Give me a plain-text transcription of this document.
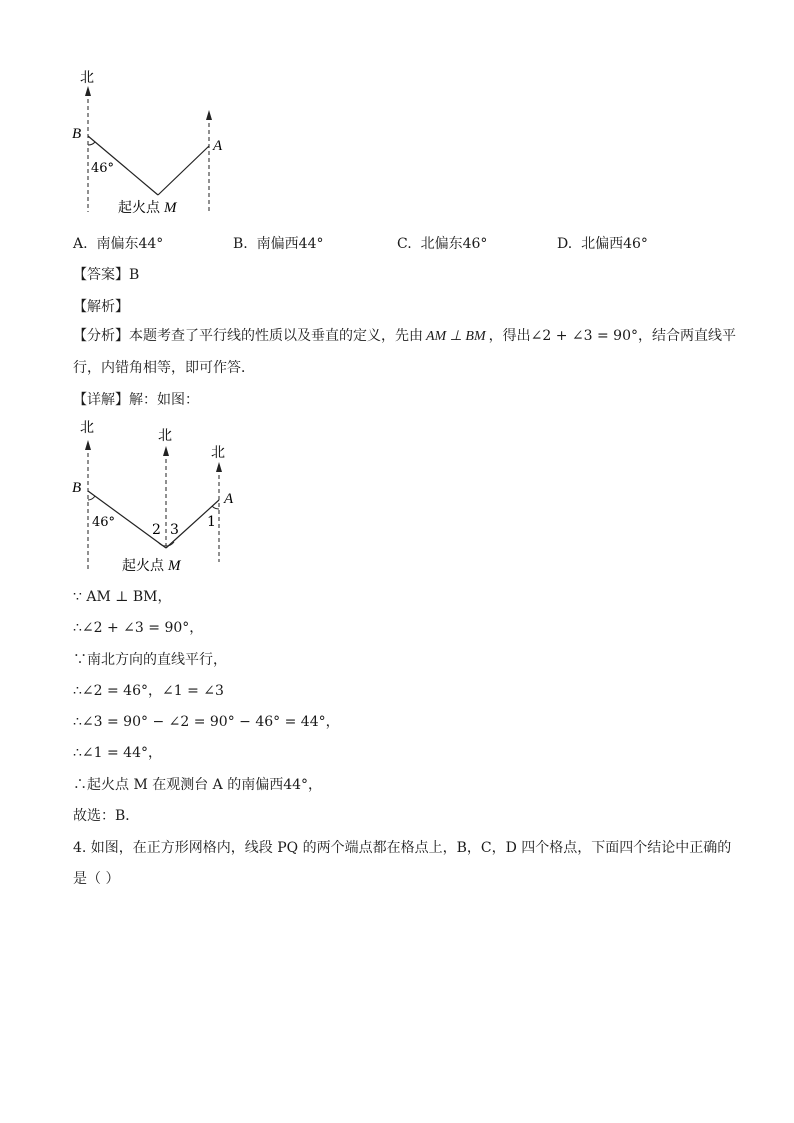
北
B
A
46°
起火点 M
A. 南偏东44°	B. 南偏西44°	C. 北偏东46°	D. 北偏西46°
【答案】B
【解析】
【分析】本题考查了平行线的性质以及垂直的定义，先由 AM ⊥ BM ，得出∠2 + ∠3 = 90°，结合两直线平
行，内错角相等，即可作答．
【详解】解：如图：
北	北
北
B
A
46°	2 3 1
起火点 M
∵ AM ⊥ BM，
∴∠2 + ∠3 = 90°，
∵南北方向的直线平行，
∴∠2 = 46°，∠1 = ∠3
∴∠3 = 90° − ∠2 = 90° − 46° = 44°，
∴∠1 = 44°，
∴起火点 M 在观测台 A 的南偏西44°，
故选：B．
4. 如图，在正方形网格内，线段 PQ 的两个端点都在格点上，B，C，D 四个格点，下面四个结论中正确的
是（ ）
